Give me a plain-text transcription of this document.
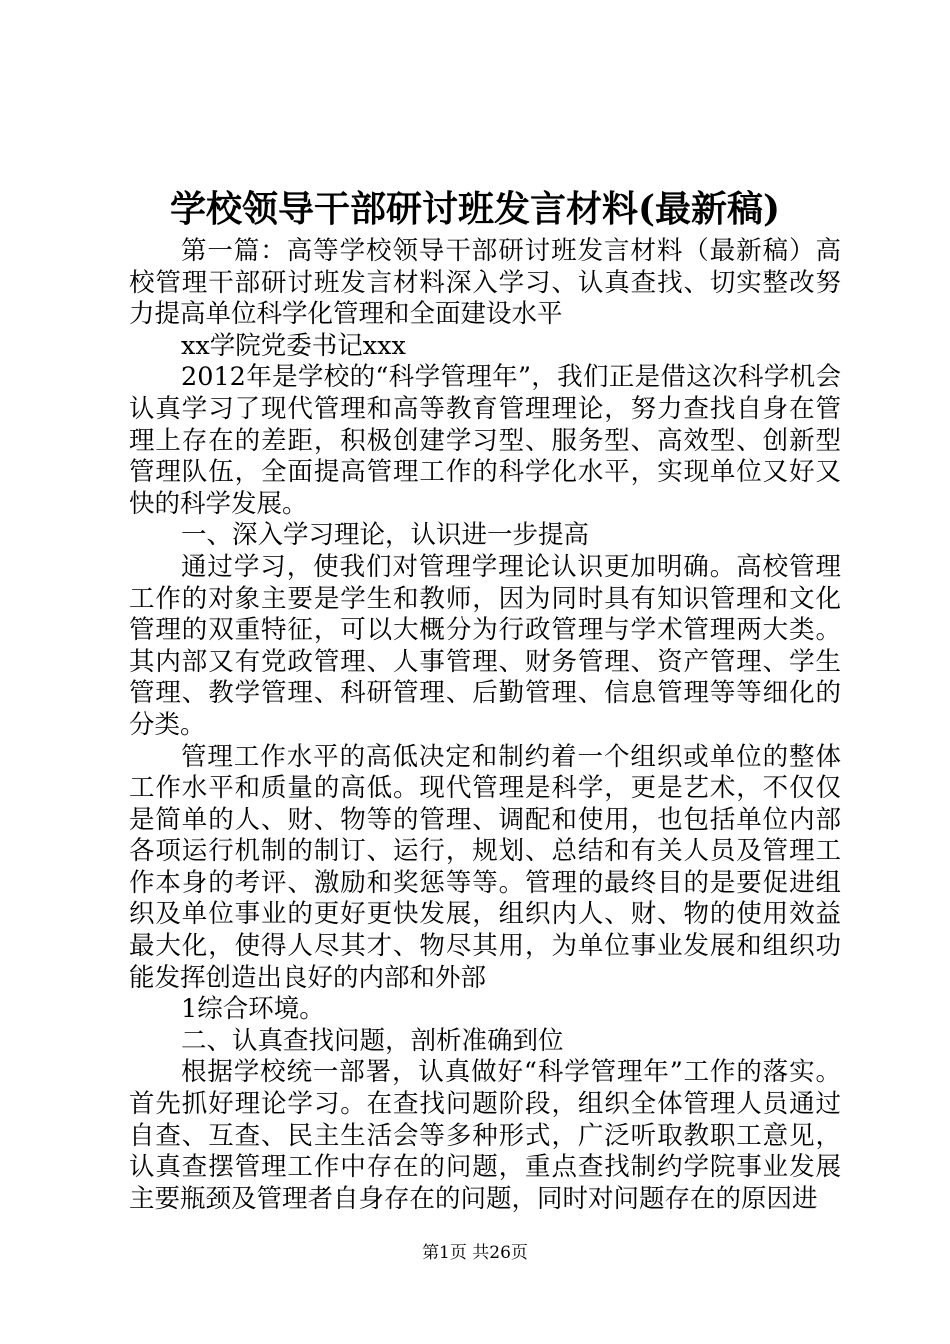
学校领导干部研讨班发言材料(最新稿)

第一篇：高等学校领导干部研讨班发言材料（最新稿）高校管理干部研讨班发言材料深入学习、认真查找、切实整改努力提高单位科学化管理和全面建设水平

xx学院党委书记xxx

2012年是学校的“科学管理年”，我们正是借这次科学机会认真学习了现代管理和高等教育管理理论，努力查找自身在管理上存在的差距，积极创建学习型、服务型、高效型、创新型管理队伍，全面提高管理工作的科学化水平，实现单位又好又快的科学发展。

一、深入学习理论，认识进一步提高

通过学习，使我们对管理学理论认识更加明确。高校管理工作的对象主要是学生和教师，因为同时具有知识管理和文化管理的双重特征，可以大概分为行政管理与学术管理两大类。其内部又有党政管理、人事管理、财务管理、资产管理、学生管理、教学管理、科研管理、后勤管理、信息管理等等细化的分类。

管理工作水平的高低决定和制约着一个组织或单位的整体工作水平和质量的高低。现代管理是科学，更是艺术，不仅仅是简单的人、财、物等的管理、调配和使用，也包括单位内部各项运行机制的制订、运行，规划、总结和有关人员及管理工作本身的考评、激励和奖惩等等。管理的最终目的是要促进组织及单位事业的更好更快发展，组织内人、财、物的使用效益最大化，使得人尽其才、物尽其用，为单位事业发展和组织功能发挥创造出良好的内部和外部

1综合环境。

二、认真查找问题，剖析准确到位

根据学校统一部署，认真做好“科学管理年”工作的落实。首先抓好理论学习。在查找问题阶段，组织全体管理人员通过自查、互查、民主生活会等多种形式，广泛听取教职工意见，认真查摆管理工作中存在的问题，重点查找制约学院事业发展主要瓶颈及管理者自身存在的问题，同时对问题存在的原因进

第1页 共26页
